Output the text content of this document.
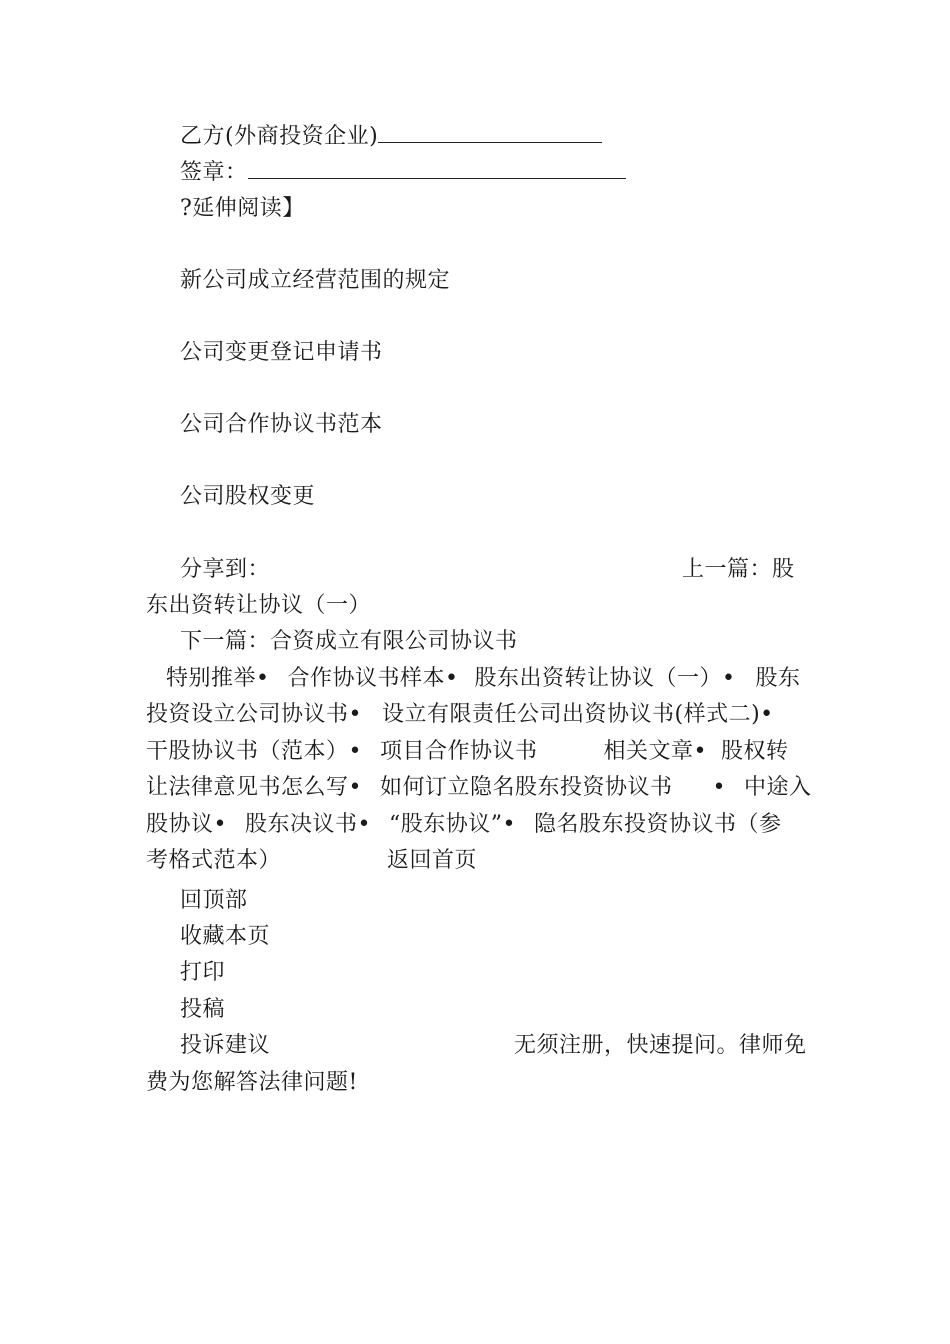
乙方(外商投资企业)
签章：
?延伸阅读】
新公司成立经营范围的规定
公司变更登记申请书
公司合作协议书范本
公司股权变更
分享到：	上一篇：股
东出资转让协议（一）
下一篇：合资成立有限公司协议书
特别推举• 合作协议书样本• 股东出资转让协议（一）• 股东
投资设立公司协议书• 设立有限责任公司出资协议书(样式二)•
干股协议书（范本）• 项目合作协议书	相关文章• 股权转
让法律意见书怎么写• 如何订立隐名股东投资协议书 • 中途入
股协议• 股东决议书• “股东协议”• 隐名股东投资协议书（参
考格式范本）	返回首页
回顶部
收藏本页
打印
投稿
投诉建议	无须注册，快速提问。律师免
费为您解答法律问题!
